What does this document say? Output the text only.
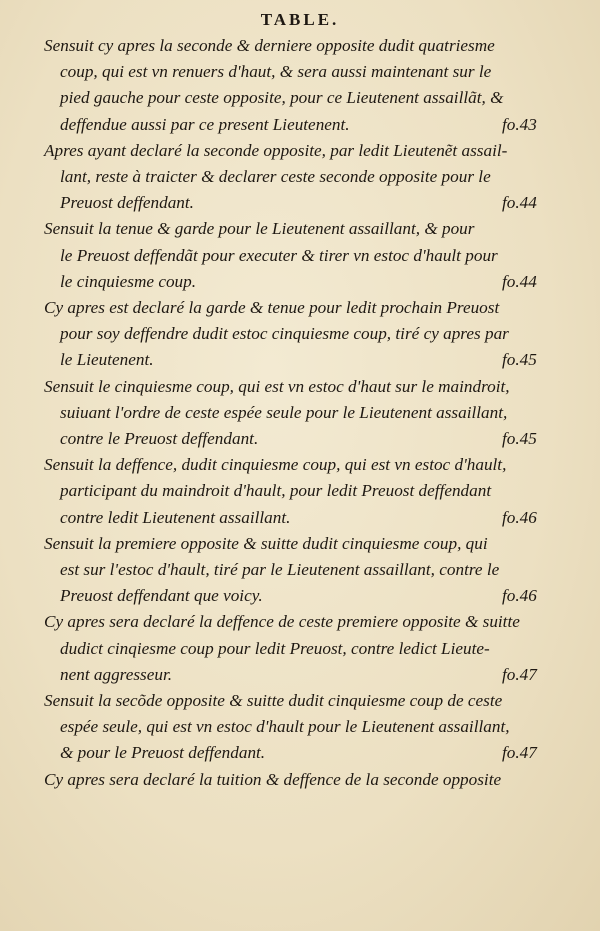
TABLE.
Sensuit cy apres la seconde & derniere opposite dudit quatriesme
coup, qui est vn renuers d'haut, & sera aussi maintenant sur le
pied gauche pour ceste opposite, pour ce Lieutenent assaillãt, &
deffendue aussi par ce present Lieutenent.	fo.43
Apres ayant declaré la seconde opposite, par ledit Lieutenẽt assail-
lant, reste à traicter & declarer ceste seconde opposite pour le
Preuost deffendant.	fo.44
Sensuit la tenue & garde pour le Lieutenent assaillant, & pour
le Preuost deffendãt pour executer & tirer vn estoc d'hault pour
le cinquiesme coup.	fo.44
Cy apres est declaré la garde & tenue pour ledit prochain Preuost
pour soy deffendre dudit estoc cinquiesme coup, tiré cy apres par
le Lieutenent.	fo.45
Sensuit le cinquiesme coup, qui est vn estoc d'haut sur le maindroit,
suiuant l'ordre de ceste espée seule pour le Lieutenent assaillant,
contre le Preuost deffendant.	fo.45
Sensuit la deffence, dudit cinquiesme coup, qui est vn estoc d'hault,
participant du maindroit d'hault, pour ledit Preuost deffendant
contre ledit Lieutenent assaillant.	fo.46
Sensuit la premiere opposite & suitte dudit cinquiesme coup, qui
est sur l'estoc d'hault, tiré par le Lieutenent assaillant, contre le
Preuost deffendant que voicy.	fo.46
Cy apres sera declaré la deffence de ceste premiere opposite & suitte
dudict cinqiesme coup pour ledit Preuost, contre ledict Lieute-
nent aggresseur.	fo.47
Sensuit la secõde opposite & suitte dudit cinquiesme coup de ceste
espée seule, qui est vn estoc d'hault pour le Lieutenent assaillant,
& pour le Preuost deffendant.	fo.47
Cy apres sera declaré la tuition & deffence de la seconde opposite
